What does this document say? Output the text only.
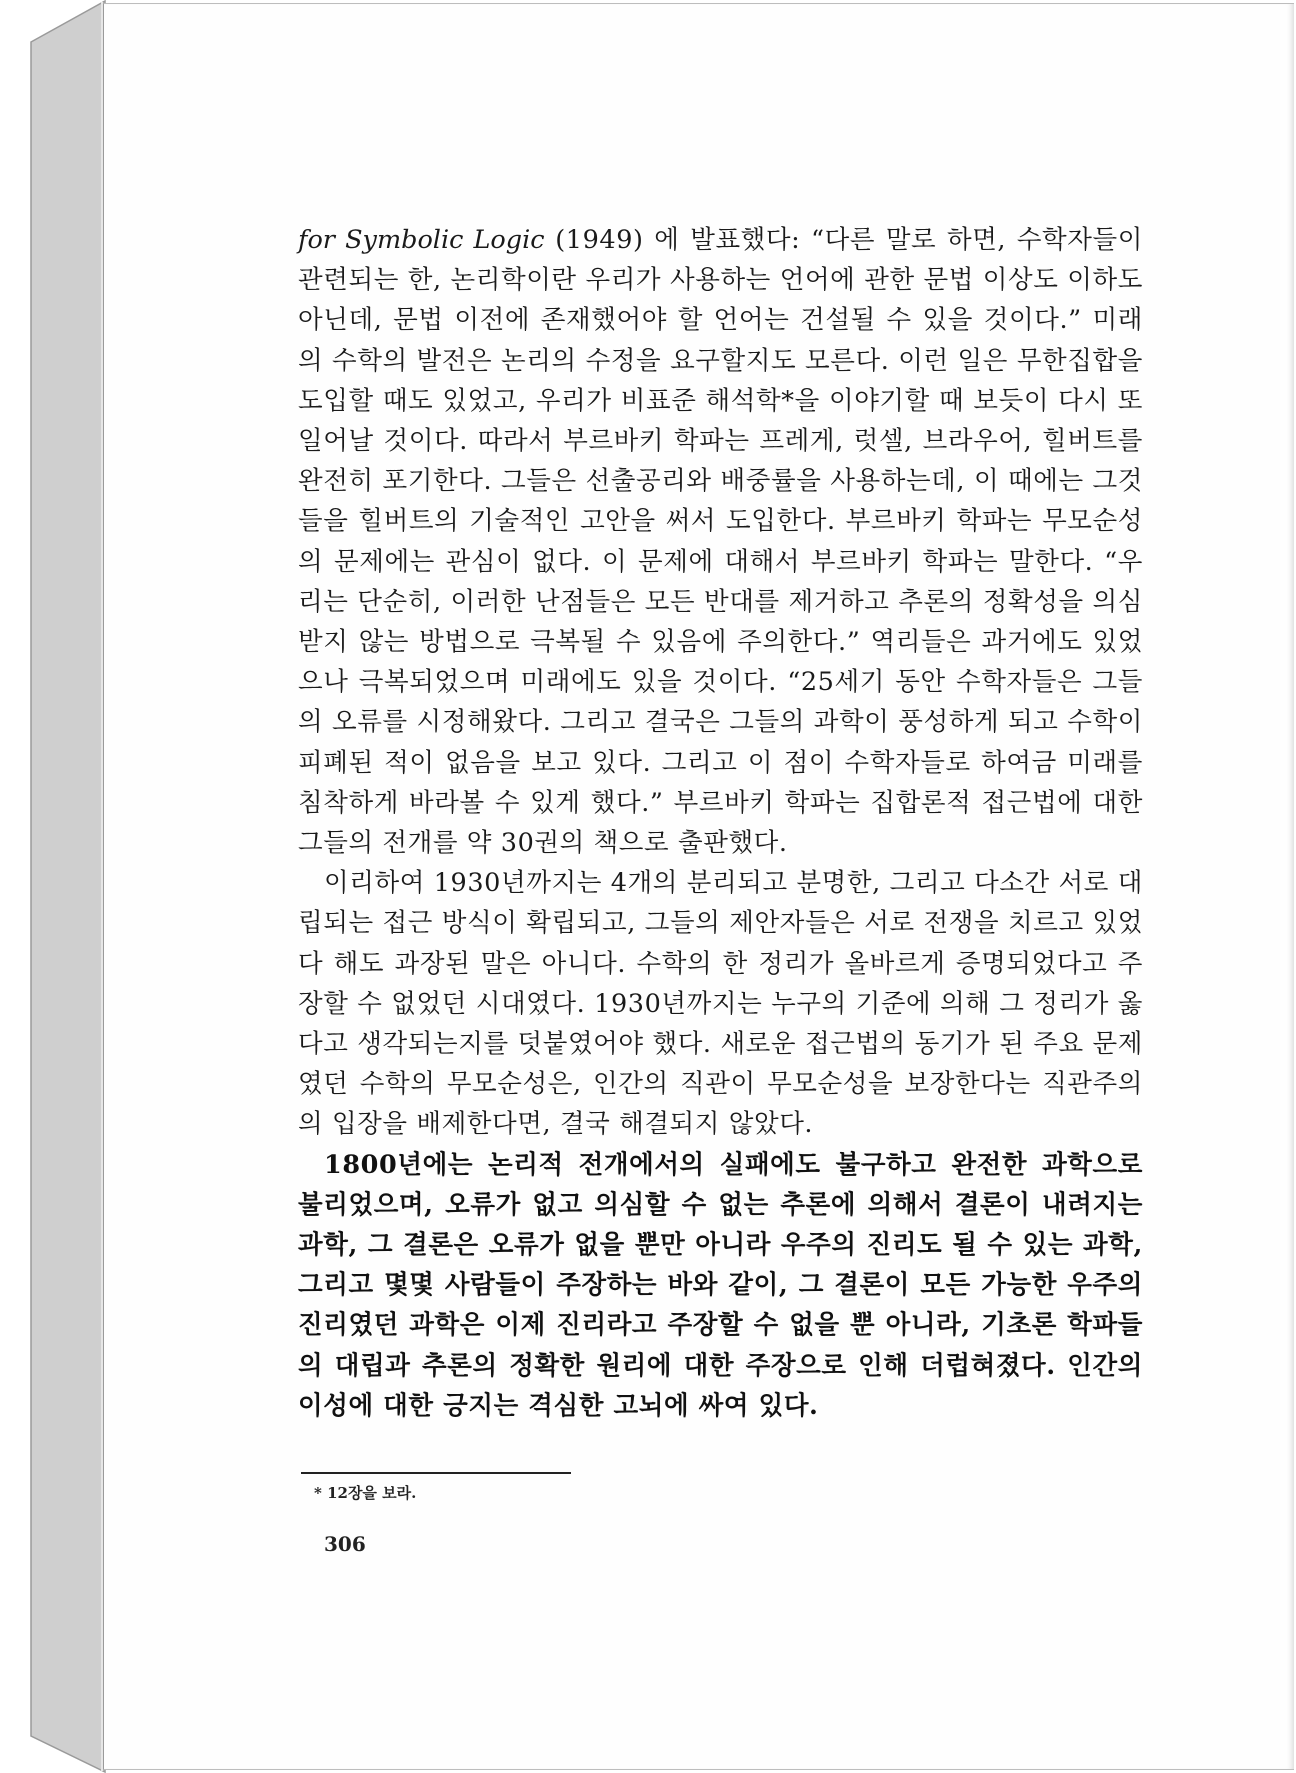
for Symbolic Logic (1949) 에 발표했다: “다른 말로 하면, 수학자들이 관련되는 한, 논리학이란 우리가 사용하는 언어에 관한 문법 이상도 이하도 아닌데, 문법 이전에 존재했어야 할 언어는 건설될 수 있을 것이다.” 미래의 수학의 발전은 논리의 수정을 요구할지도 모른다. 이런 일은 무한집합을 도입할 때도 있었고, 우리가 비표준 해석학*을 이야기할 때 보듯이 다시 또 일어날 것이다. 따라서 부르바키 학파는 프레게, 럿셀, 브라우어, 힐버트를 완전히 포기한다. 그들은 선출공리와 배중률을 사용하는데, 이 때에는 그것들을 힐버트의 기술적인 고안을 써서 도입한다. 부르바키 학파는 무모순성의 문제에는 관심이 없다. 이 문제에 대해서 부르바키 학파는 말한다. “우리는 단순히, 이러한 난점들은 모든 반대를 제거하고 추론의 정확성을 의심받지 않는 방법으로 극복될 수 있음에 주의한다.” 역리들은 과거에도 있었으나 극복되었으며 미래에도 있을 것이다. “25세기 동안 수학자들은 그들의 오류를 시정해왔다. 그리고 결국은 그들의 과학이 풍성하게 되고 수학이 피폐된 적이 없음을 보고 있다. 그리고 이 점이 수학자들로 하여금 미래를 침착하게 바라볼 수 있게 했다.” 부르바키 학파는 집합론적 접근법에 대한 그들의 전개를 약 30권의 책으로 출판했다.

이리하여 1930년까지는 4개의 분리되고 분명한, 그리고 다소간 서로 대립되는 접근 방식이 확립되고, 그들의 제안자들은 서로 전쟁을 치르고 있었다 해도 과장된 말은 아니다. 수학의 한 정리가 올바르게 증명되었다고 주장할 수 없었던 시대였다. 1930년까지는 누구의 기준에 의해 그 정리가 옳다고 생각되는지를 덧붙였어야 했다. 새로운 접근법의 동기가 된 주요 문제였던 수학의 무모순성은, 인간의 직관이 무모순성을 보장한다는 직관주의의 입장을 배제한다면, 결국 해결되지 않았다.

1800년에는 논리적 전개에서의 실패에도 불구하고 완전한 과학으로 불리었으며, 오류가 없고 의심할 수 없는 추론에 의해서 결론이 내려지는 과학, 그 결론은 오류가 없을 뿐만 아니라 우주의 진리도 될 수 있는 과학, 그리고 몇몇 사람들이 주장하는 바와 같이, 그 결론이 모든 가능한 우주의 진리였던 과학은 이제 진리라고 주장할 수 없을 뿐 아니라, 기초론 학파들의 대립과 추론의 정확한 원리에 대한 주장으로 인해 더럽혀졌다. 인간의 이성에 대한 긍지는 격심한 고뇌에 싸여 있다.

* 12장을 보라.
306
